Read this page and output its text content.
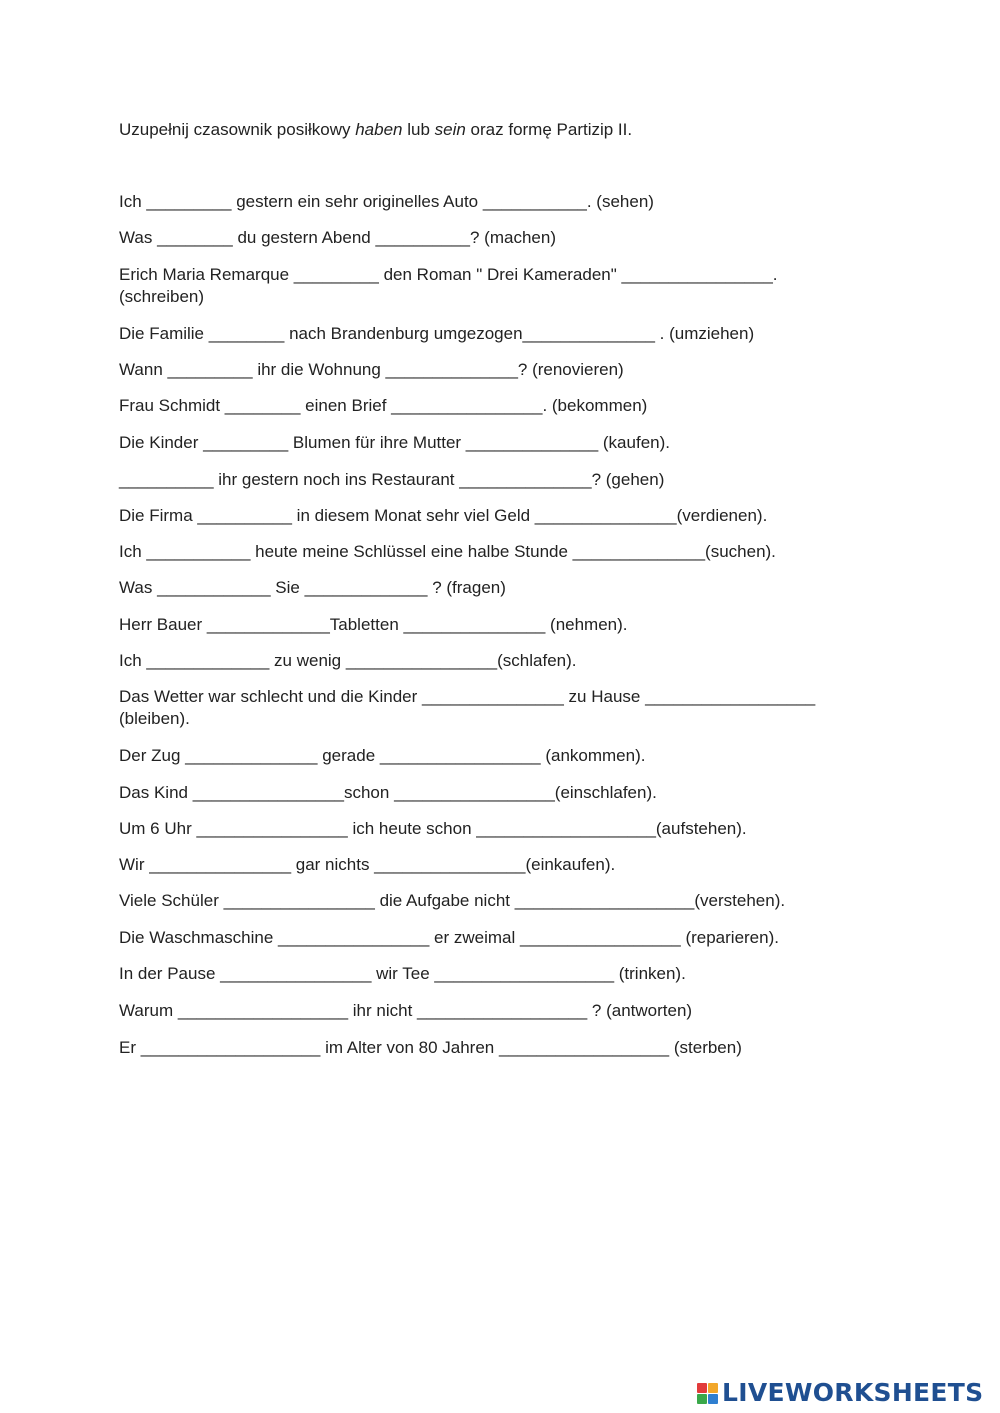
Uzupełnij czasownik posiłkowy haben lub sein oraz formę Partizip II.
Ich _________ gestern ein sehr originelles Auto ___________. (sehen)
Was ________ du gestern Abend __________? (machen)
Erich Maria Remarque _________ den Roman " Drei Kameraden" ________________.
(schreiben)
Die Familie ________ nach Brandenburg umgezogen______________ . (umziehen)
Wann _________ ihr die Wohnung ______________? (renovieren)
Frau Schmidt ________ einen Brief ________________. (bekommen)
Die Kinder _________ Blumen für ihre Mutter ______________ (kaufen).
__________ ihr gestern noch ins Restaurant ______________? (gehen)
Die Firma __________ in diesem Monat sehr viel Geld _______________(verdienen).
Ich ___________ heute meine Schlüssel eine halbe Stunde ______________(suchen).
Was ____________ Sie _____________ ? (fragen)
Herr Bauer _____________Tabletten _______________ (nehmen).
Ich _____________ zu wenig ________________(schlafen).
Das Wetter war schlecht und die Kinder _______________ zu Hause __________________
(bleiben).
Der Zug ______________ gerade _________________ (ankommen).
Das Kind ________________schon _________________(einschlafen).
Um 6 Uhr ________________ ich heute schon ___________________(aufstehen).
Wir _______________ gar nichts ________________(einkaufen).
Viele Schüler ________________ die Aufgabe nicht ___________________(verstehen).
Die Waschmaschine ________________ er zweimal _________________ (reparieren).
In der Pause ________________ wir Tee ___________________ (trinken).
Warum __________________ ihr nicht __________________ ? (antworten)
Er ___________________ im Alter von 80 Jahren __________________ (sterben)
LIVEWORKSHEETS
